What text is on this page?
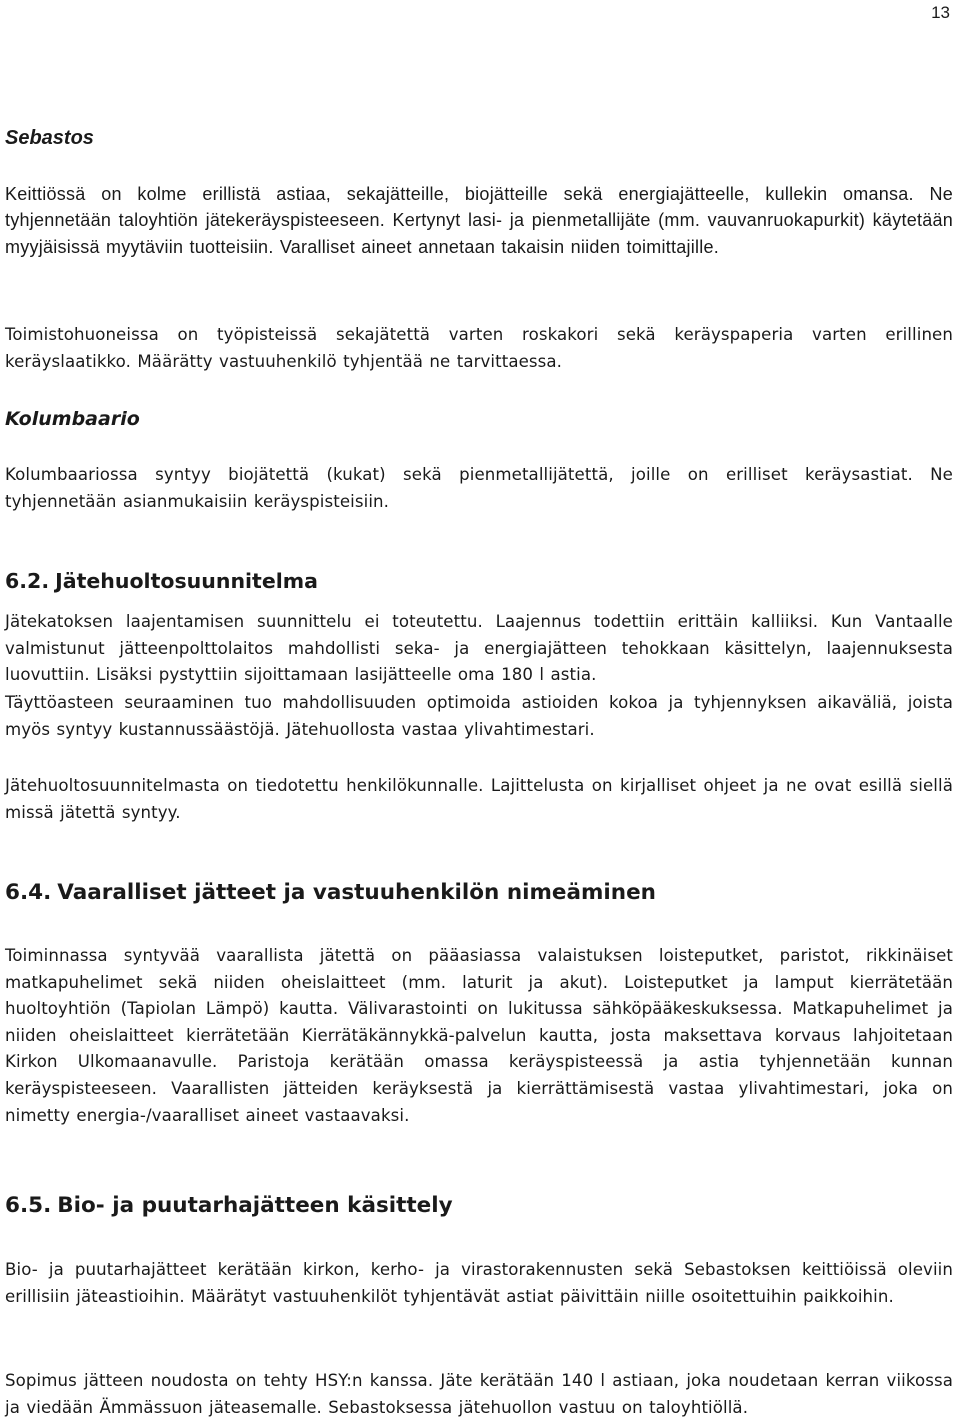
13
Sebastos

Keittiössä on kolme erillistä astiaa, sekajätteille, biojätteille sekä energiajätteelle, kullekin omansa. Ne tyhjennetään taloyhtiön jätekeräyspisteeseen. Kertynyt lasi- ja pienmetallijäte (mm. vauvanruokapurkit) käytetään myyjäisissä myytäviin tuotteisiin. Varalliset aineet annetaan takaisin niiden toimittajille.

Toimistohuoneissa on työpisteissä sekajätettä varten roskakori sekä keräyspaperia varten erillinen keräyslaatikko. Määrätty vastuuhenkilö tyhjentää ne tarvittaessa.

Kolumbaario

Kolumbaariossa syntyy biojätettä (kukat) sekä pienmetallijätettä, joille on erilliset keräysastiat. Ne tyhjennetään asianmukaisiin keräyspisteisiin.

6.2. Jätehuoltosuunnitelma

Jätekatoksen laajentamisen suunnittelu ei toteutettu. Laajennus todettiin erittäin kalliiksi. Kun Vantaalle valmistunut jätteenpolttolaitos mahdollisti seka- ja energiajätteen tehokkaan käsittelyn, laajennuksesta luovuttiin. Lisäksi pystyttiin sijoittamaan lasijätteelle oma 180 l astia.

Täyttöasteen seuraaminen tuo mahdollisuuden optimoida astioiden kokoa ja tyhjennyksen aikaväliä, joista myös syntyy kustannussäästöjä. Jätehuollosta vastaa ylivahtimestari.

Jätehuoltosuunnitelmasta on tiedotettu henkilökunnalle. Lajittelusta on kirjalliset ohjeet ja ne ovat esillä siellä missä jätettä syntyy.

6.4. Vaaralliset jätteet ja vastuuhenkilön nimeäminen

Toiminnassa syntyvää vaarallista jätettä on pääasiassa valaistuksen loisteputket, paristot, rikkinäiset matkapuhelimet sekä niiden oheislaitteet (mm. laturit ja akut). Loisteputket ja lamput kierrätetään huoltoyhtiön (Tapiolan Lämpö) kautta. Välivarastointi on lukitussa sähköpääkeskuksessa. Matkapuhelimet ja niiden oheislaitteet kierrätetään Kierrätäkännykkä-palvelun kautta, josta maksettava korvaus lahjoitetaan Kirkon Ulkomaanavulle. Paristoja kerätään omassa keräyspisteessä ja astia tyhjennetään kunnan keräyspisteeseen. Vaarallisten jätteiden keräyksestä ja kierrättämisestä vastaa ylivahtimestari, joka on nimetty energia-/vaaralliset aineet vastaavaksi.

6.5. Bio- ja puutarhajätteen käsittely

Bio- ja puutarhajätteet kerätään kirkon, kerho- ja virastorakennusten sekä Sebastoksen keittiöissä oleviin erillisiin jäteastioihin. Määrätyt vastuuhenkilöt tyhjentävät astiat päivittäin niille osoitettuihin paikkoihin.

Sopimus jätteen noudosta on tehty HSY:n kanssa. Jäte kerätään 140 l astiaan, joka noudetaan kerran viikossa ja viedään Ämmässuon jäteasemalle. Sebastoksessa jätehuollon vastuu on taloyhtiöllä.
